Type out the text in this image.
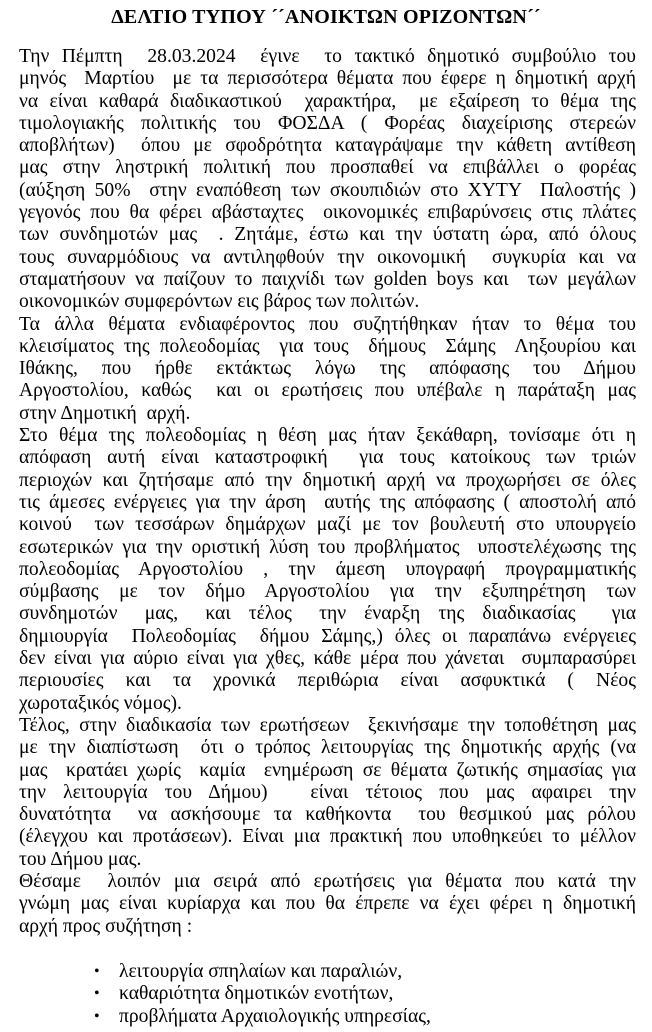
ΔΕΛΤΙΟ ΤΥΠΟΥ ´´ΑΝΟΙΚΤΩΝ ΟΡΙΖΟΝΤΩΝ´´
Την Πέμπτη  28.03.2024  έγινε  το τακτικό δημοτικό συμβούλιο του
μηνός  Μαρτίου  με τα περισσότερα θέματα που έφερε η δημοτική αρχή
να είναι καθαρά διαδικαστικού  χαρακτήρα,  με εξαίρεση το θέμα της
τιμολογιακής πολιτικής του ΦΟΣΔΑ ( Φορέας διαχείρισης στερεών
αποβλήτων)  όπου με σφοδρότητα καταγράψαμε την κάθετη αντίθεση
μας στην ληστρική πολιτική που προσπαθεί να επιβάλλει ο φορέας
(αύξηση 50%  στην εναπόθεση των σκουπιδιών στο ΧΥΤΥ  Παλοστής )
γεγονός που θα φέρει αβάσταχτες  οικονομικές επιβαρύνσεις στις πλάτες
των συνδημοτών μας  . Ζητάμε, έστω και την ύστατη ώρα, από όλους
τους συναρμόδιους να αντιληφθούν την οικονομική  συγκυρία και να
σταματήσουν να παίζουν το παιχνίδι των golden boys και  των μεγάλων
οικονομικών συμφερόντων εις βάρος των πολιτών.
Τα άλλα θέματα ενδιαφέροντος που συζητήθηκαν ήταν το θέμα του
κλεισίματος της πολεοδομίας  για τους  δήμους  Σάμης  Ληξουρίου και
Ιθάκης,  που  ήρθε  εκτάκτως  λόγω  της  απόφασης  του  Δήμου
Αργοστολίου, καθώς  και οι ερωτήσεις που υπέβαλε η παράταξη μας
στην Δημοτική  αρχή.
Στο θέμα της πολεοδομίας η θέση μας ήταν ξεκάθαρη, τονίσαμε ότι η
απόφαση αυτή είναι καταστροφική  για τους κατοίκους των τριών
περιοχών και ζητήσαμε από την δημοτική αρχή να προχωρήσει σε όλες
τις άμεσες ενέργειες για την άρση  αυτής της απόφασης ( αποστολή από
κοινού  των τεσσάρων δημάρχων μαζί με τον βουλευτή στο υπουργείο
εσωτερικών για την οριστική λύση του προβλήματος  υποστελέχωσης της
πολεοδομίας  Αργοστολίου  ,  την  άμεση  υπογραφή  προγραμματικής
σύμβασης  με  τον  δήμο  Αργοστολίου  για  την  εξυπηρέτηση  των
συνδημοτών   μας,   και  τέλος   την  έναρξη  της  διαδικασίας    για
δημιουργία  Πολεοδομίας  δήμου Σάμης,) όλες οι παραπάνω ενέργειες
δεν είναι για αύριο είναι για χθες, κάθε μέρα που χάνεται  συμπαρασύρει
περιουσίες  και  τα  χρονικά  περιθώρια  είναι  ασφυκτικά  (  Νέος
χωροταξικός νόμος).
Τέλος, στην διαδικασία των ερωτήσεων  ξεκινήσαμε την τοποθέτηση μας
με την διαπίστωση  ότι ο τρόπος λειτουργίας της δημοτικής αρχής (να
μας  κρατάει χωρίς  καμία  ενημέρωση σε θέματα ζωτικής σημασίας για
την  λειτουργία  του  Δήμου)     είναι  τέτοιος  που  μας  αφαιρει  την
δυνατότητα  να ασκήσουμε τα καθήκοντα  του θεσμικού μας ρόλου
(έλεγχου και προτάσεων). Είναι μια πρακτική που υποθηκεύει το μέλλον
του Δήμου μας.
Θέσαμε  λοιπόν μια σειρά από ερωτήσεις για θέματα που κατά την
γνώμη μας είναι κυρίαρχα και που θα έπρεπε να έχει φέρει η δημοτική
αρχή προς συζήτηση :
• λειτουργία σπηλαίων και παραλιών,
• καθαριότητα δημοτικών ενοτήτων,
• προβλήματα Αρχαιολογικής υπηρεσίας,
